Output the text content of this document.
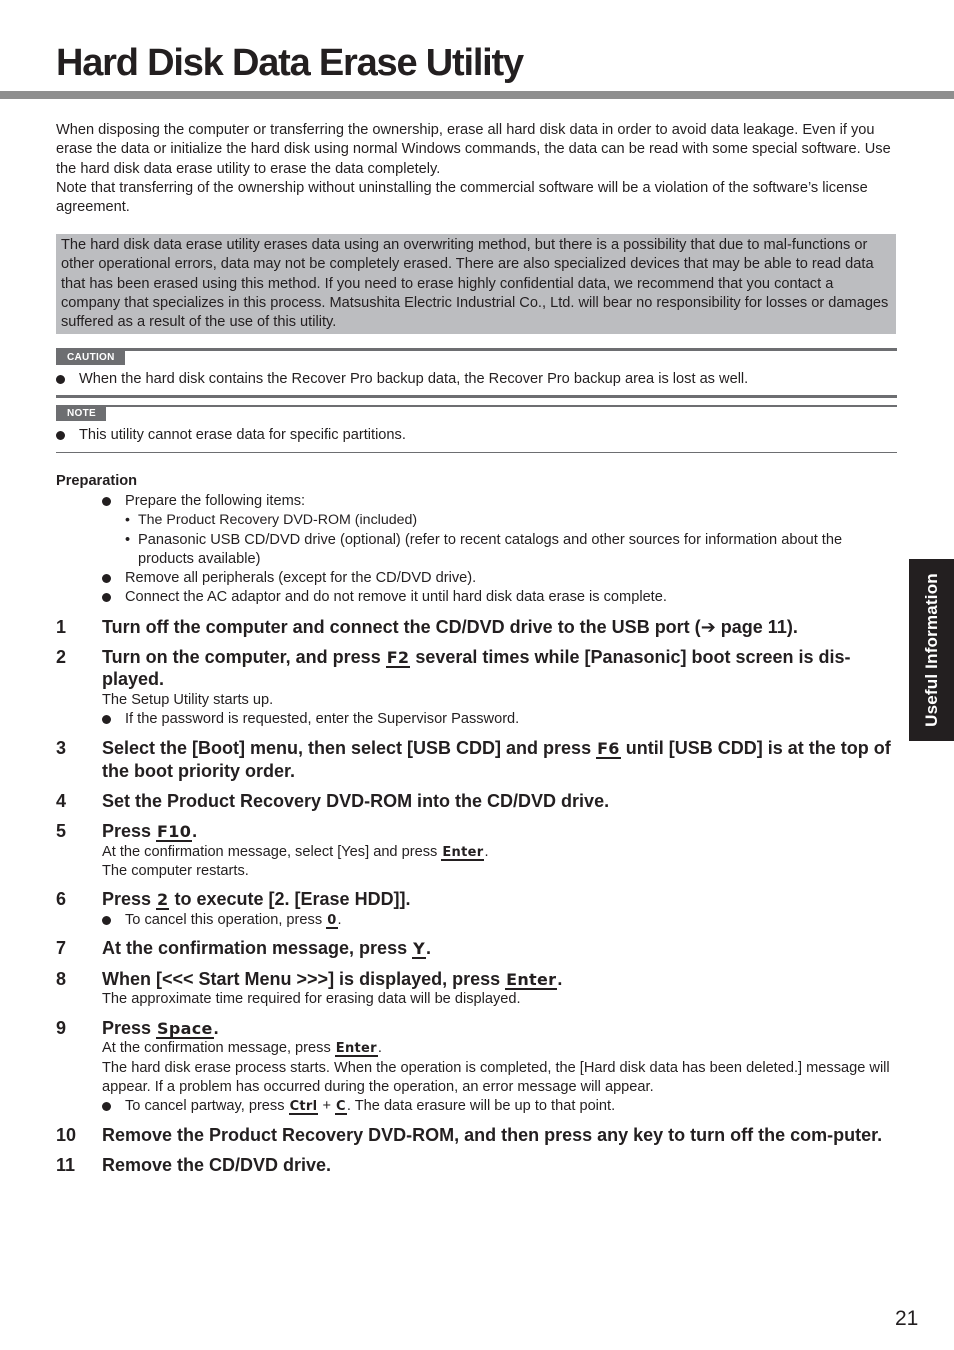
Hard Disk Data Erase Utility

When disposing the computer or transferring the ownership, erase all hard disk data in order to avoid data leakage. Even if you erase the data or initialize the hard disk using normal Windows commands, the data can be read with some special software. Use the hard disk data erase utility to erase the data completely.

Note that transferring of the ownership without uninstalling the commercial software will be a violation of the software’s license agreement.

The hard disk data erase utility erases data using an overwriting method, but there is a possibility that due to mal-functions or other operational errors, data may not be completely erased. There are also specialized devices that may be able to read data that has been erased using this method. If you need to erase highly confidential data, we recommend that you contact a company that specializes in this process. Matsushita Electric Industrial Co., Ltd. will bear no responsibility for losses or damages suffered as a result of the use of this utility.
CAUTION
When the hard disk contains the Recover Pro backup data, the Recover Pro backup area is lost as well.
NOTE
This utility cannot erase data for specific partitions.
Preparation
Prepare the following items:
• The Product Recovery DVD-ROM (included)
• Panasonic USB CD/DVD drive (optional) (refer to recent catalogs and other sources for information about the products available)
Remove all peripherals (except for the CD/DVD drive).
Connect the AC adaptor and do not remove it until hard disk data erase is complete.
1 Turn off the computer and connect the CD/DVD drive to the USB port (➔ page 11).
2 Turn on the computer, and press F2 several times while [Panasonic] boot screen is dis-played.

The Setup Utility starts up.

If the password is requested, enter the Supervisor Password.
3 Select the [Boot] menu, then select [USB CDD] and press F6 until [USB CDD] is at the top of the boot priority order.
4 Set the Product Recovery DVD-ROM into the CD/DVD drive.
5 Press F10.

At the confirmation message, select [Yes] and press Enter.

The computer restarts.

6 Press 2 to execute [2. [Erase HDD]].
To cancel this operation, press 0.
7 At the confirmation message, press Y.
8 When [<<< Start Menu >>>] is displayed, press Enter.

The approximate time required for erasing data will be displayed.

9 Press Space.

At the confirmation message, press Enter.

The hard disk erase process starts. When the operation is completed, the [Hard disk data has been deleted.] message will appear. If a problem has occurred during the operation, an error message will appear.

To cancel partway, press Ctrl + C. The data erasure will be up to that point.
10 Remove the Product Recovery DVD-ROM, and then press any key to turn off the com-puter.
11 Remove the CD/DVD drive.
Useful Information
21
